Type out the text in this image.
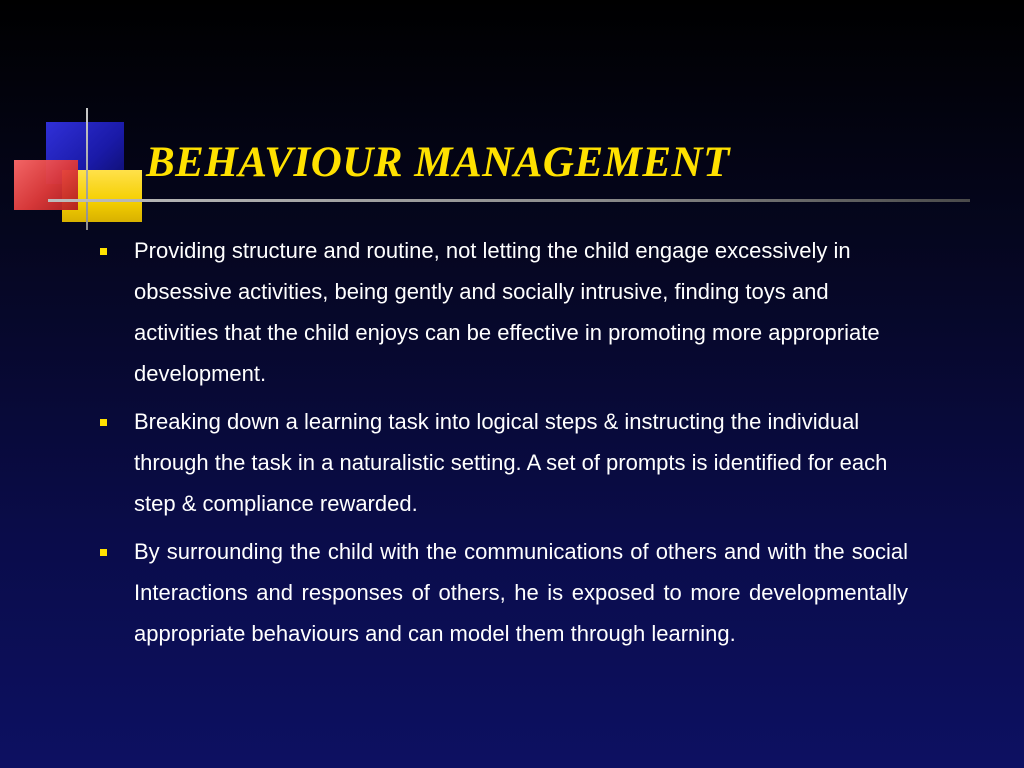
BEHAVIOUR MANAGEMENT
Providing structure and routine, not letting the child engage excessively in obsessive activities, being gently and socially intrusive, finding toys and activities that the child enjoys can be effective in promoting more appropriate development.
Breaking down a learning task into logical steps & instructing the individual through the task in a naturalistic setting. A set of prompts is identified for each step & compliance rewarded.
By surrounding the child with the communications of others and with the social Interactions and responses of others, he is exposed to more developmentally appropriate behaviours and can model them through learning.
